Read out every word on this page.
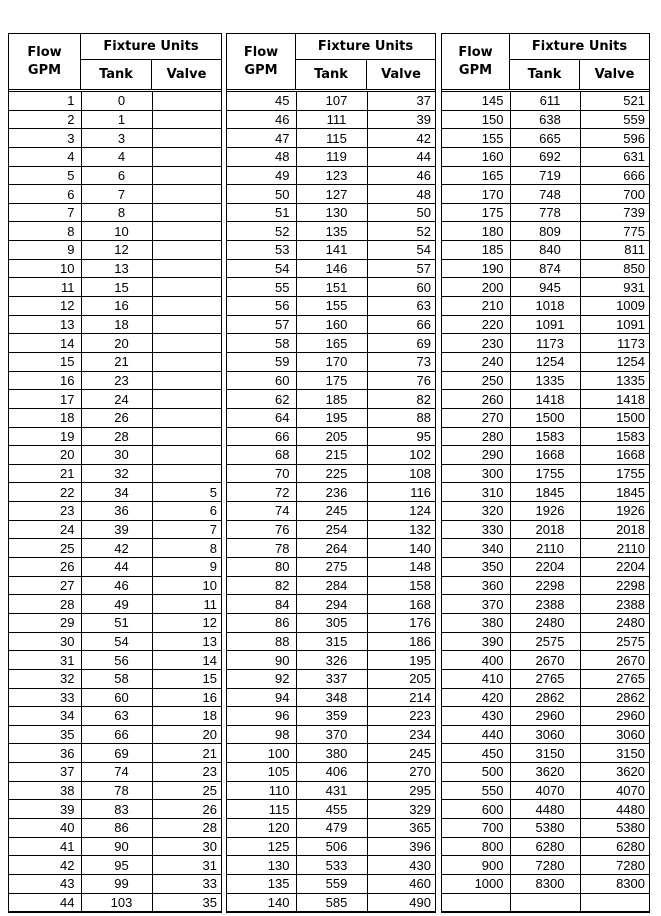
Flow
GPM
Fixture Units
Tank	Valve
1	0	
2	1	
3	3	
4	4	
5	6	
6	7	
7	8	
8	10	
9	12	
10	13	
11	15	
12	16	
13	18	
14	20	
15	21	
16	23	
17	24	
18	26	
19	28	
20	30	
21	32	
22	34	5
23	36	6
24	39	7
25	42	8
26	44	9
27	46	10
28	49	11
29	51	12
30	54	13
31	56	14
32	58	15
33	60	16
34	63	18
35	66	20
36	69	21
37	74	23
38	78	25
39	83	26
40	86	28
41	90	30
42	95	31
43	99	33
44	103	35
Flow
GPM
Fixture Units
Tank	Valve
45	107	37
46	111	39
47	115	42
48	119	44
49	123	46
50	127	48
51	130	50
52	135	52
53	141	54
54	146	57
55	151	60
56	155	63
57	160	66
58	165	69
59	170	73
60	175	76
62	185	82
64	195	88
66	205	95
68	215	102
70	225	108
72	236	116
74	245	124
76	254	132
78	264	140
80	275	148
82	284	158
84	294	168
86	305	176
88	315	186
90	326	195
92	337	205
94	348	214
96	359	223
98	370	234
100	380	245
105	406	270
110	431	295
115	455	329
120	479	365
125	506	396
130	533	430
135	559	460
140	585	490
Flow
GPM
Fixture Units
Tank	Valve
145	611	521
150	638	559
155	665	596
160	692	631
165	719	666
170	748	700
175	778	739
180	809	775
185	840	811
190	874	850
200	945	931
210	1018	1009
220	1091	1091
230	1173	1173
240	1254	1254
250	1335	1335
260	1418	1418
270	1500	1500
280	1583	1583
290	1668	1668
300	1755	1755
310	1845	1845
320	1926	1926
330	2018	2018
340	2110	2110
350	2204	2204
360	2298	2298
370	2388	2388
380	2480	2480
390	2575	2575
400	2670	2670
410	2765	2765
420	2862	2862
430	2960	2960
440	3060	3060
450	3150	3150
500	3620	3620
550	4070	4070
600	4480	4480
700	5380	5380
800	6280	6280
900	7280	7280
1000	8300	8300
